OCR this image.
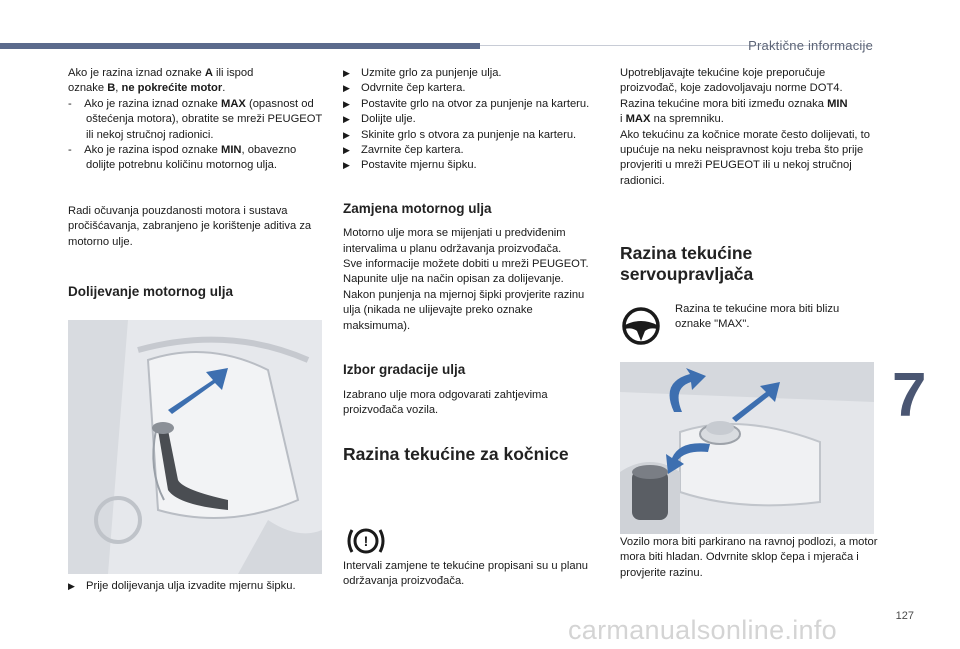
Praktične informacije
7
carmanualsonline.info	127

Ako je razina iznad oznake A ili ispod
oznake B, ne pokrećite motor.

-    Ako je razina iznad oznake MAX (opasnost od oštećenja motora), obratite se mreži PEUGEOT ili nekoj stručnoj radionici.

-    Ako je razina ispod oznake MIN, obavezno dolijte potrebnu količinu motornog ulja.

Radi očuvanja pouzdanosti motora i sustava pročišćavanja, zabranjeno je korištenje aditiva za motorno ulje.

Dolijevanje motornog ulja

▶ Prije dolijevanja ulja izvadite mjernu šipku.

▶ Uzmite grlo za punjenje ulja.

▶ Odvrnite čep kartera.

▶ Postavite grlo na otvor za punjenje na karteru.

▶ Dolijte ulje.

▶ Skinite grlo s otvora za punjenje na karteru.

▶ Zavrnite čep kartera.

▶ Postavite mjernu šipku.

Zamjena motornog ulja

Motorno ulje mora se mijenjati u predviđenim intervalima u planu održavanja proizvođača.

Sve informacije možete dobiti u mreži PEUGEOT.

Napunite ulje na način opisan za dolijevanje. Nakon punjenja na mjernoj šipki provjerite razinu ulja (nikada ne ulijevajte preko oznake maksimuma).

Izbor gradacije ulja

Izabrano ulje mora odgovarati zahtjevima proizvođača vozila.

Razina tekućine za kočnice
!

Intervali zamjene te tekućine propisani su u planu održavanja proizvođača.

Upotrebljavajte tekućine koje preporučuje proizvođač, koje zadovoljavaju norme DOT4.

Razina tekućine mora biti između oznaka MIN
i MAX na spremniku.

Ako tekućinu za kočnice morate često dolijevati, to upućuje na neku neispravnost koju treba što prije provjeriti u mreži PEUGEOT ili u nekoj stručnoj radionici.

Razina tekućine servoupravljača

Razina te tekućine mora biti blizu oznake "MAX".

Vozilo mora biti parkirano na ravnoj podlozi, a motor mora biti hladan. Odvrnite sklop čepa i mjerača i provjerite razinu.
